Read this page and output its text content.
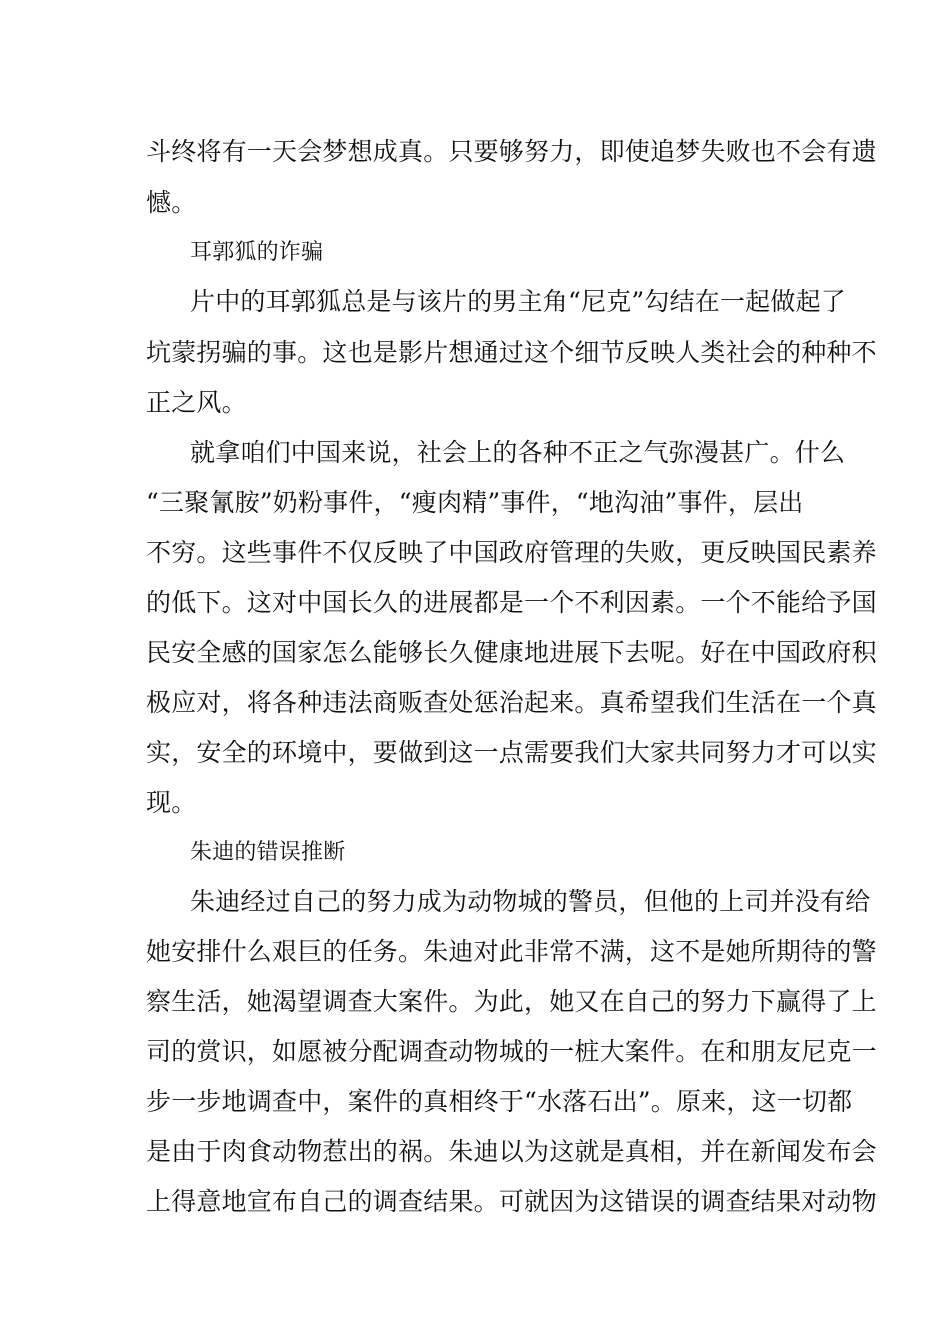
斗终将有一天会梦想成真。只要够努力，即使追梦失败也不会有遗
憾。
耳郭狐的诈骗
片中的耳郭狐总是与该片的男主角“尼克”勾结在一起做起了
坑蒙拐骗的事。这也是影片想通过这个细节反映人类社会的种种不
正之风。
就拿咱们中国来说，社会上的各种不正之气弥漫甚广。什么
“三聚氰胺”奶粉事件，“瘦肉精”事件，“地沟油”事件，层出
不穷。这些事件不仅反映了中国政府管理的失败，更反映国民素养
的低下。这对中国长久的进展都是一个不利因素。一个不能给予国
民安全感的国家怎么能够长久健康地进展下去呢。好在中国政府积
极应对，将各种违法商贩查处惩治起来。真希望我们生活在一个真
实，安全的环境中，要做到这一点需要我们大家共同努力才可以实
现。
朱迪的错误推断
朱迪经过自己的努力成为动物城的警员，但他的上司并没有给
她安排什么艰巨的任务。朱迪对此非常不满，这不是她所期待的警
察生活，她渴望调查大案件。为此，她又在自己的努力下赢得了上
司的赏识，如愿被分配调查动物城的一桩大案件。在和朋友尼克一
步一步地调查中，案件的真相终于“水落石出”。原来，这一切都
是由于肉食动物惹出的祸。朱迪以为这就是真相，并在新闻发布会
上得意地宣布自己的调查结果。可就因为这错误的调查结果对动物
